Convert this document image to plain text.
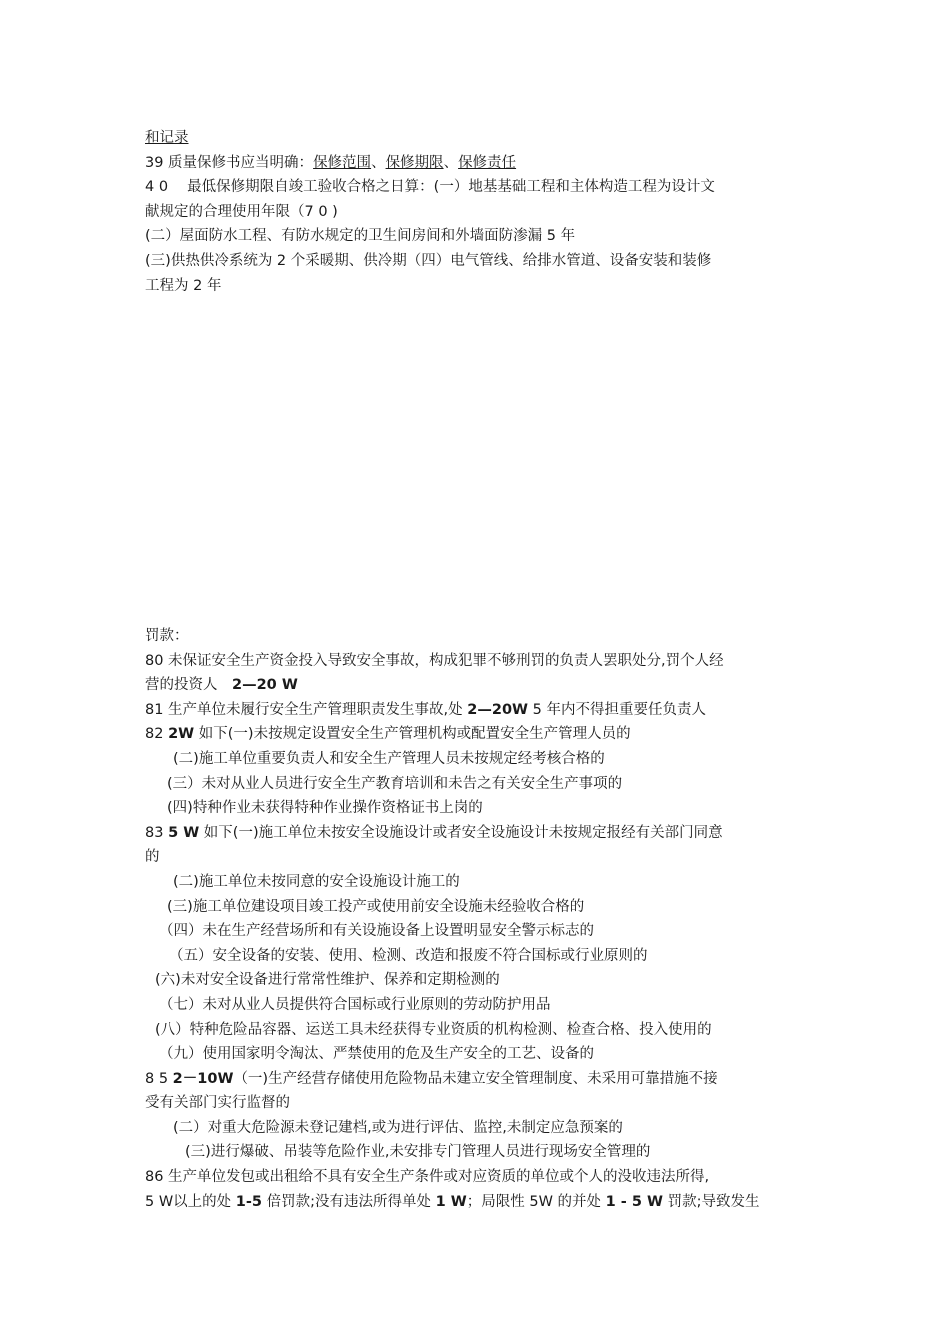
和记录
39 质量保修书应当明确：保修范围、保修期限、保修责任
4 0　 最低保修期限自竣工验收合格之日算：(一）地基基础工程和主体构造工程为设计文
献规定的合理使用年限（7 0 )
(二）屋面防水工程、有防水规定的卫生间房间和外墙面防渗漏 5 年
(三)供热供冷系统为 2 个采暖期、供冷期（四）电气管线、给排水管道、设备安装和装修
工程为 2 年
罚款：
80 未保证安全生产资金投入导致安全事故，构成犯罪不够刑罚的负责人罢职处分,罚个人经
营的投资人　2—20 W
81 生产单位未履行安全生产管理职责发生事故,处 2—20W 5 年内不得担重要任负责人
82 2W 如下(一)未按规定设置安全生产管理机构或配置安全生产管理人员的
(二)施工单位重要负责人和安全生产管理人员未按规定经考核合格的
(三）未对从业人员进行安全生产教育培训和未告之有关安全生产事项的
(四)特种作业未获得特种作业操作资格证书上岗的
83 5 W 如下(一)施工单位未按安全设施设计或者安全设施设计未按规定报经有关部门同意
的
(二)施工单位未按同意的安全设施设计施工的
(三)施工单位建设项目竣工投产或使用前安全设施未经验收合格的
（四）未在生产经营场所和有关设施设备上设置明显安全警示标志的
（五）安全设备的安装、使用、检测、改造和报废不符合国标或行业原则的
(六)未对安全设备进行常常性维护、保养和定期检测的
（七）未对从业人员提供符合国标或行业原则的劳动防护用品
(八）特种危险品容器、运送工具未经获得专业资质的机构检测、检查合格、投入使用的
（九）使用国家明令淘汰、严禁使用的危及生产安全的工艺、设备的
8 5 2－10W（一)生产经营存储使用危险物品未建立安全管理制度、未采用可靠措施不接
受有关部门实行监督的
(二）对重大危险源未登记建档,或为进行评估、监控,未制定应急预案的
(三)进行爆破、吊装等危险作业,未安排专门管理人员进行现场安全管理的
86 生产单位发包或出租给不具有安全生产条件或对应资质的单位或个人的没收违法所得,
5 W以上的处 1-5 倍罚款;没有违法所得单处 1 W；局限性 5W 的并处 1 - 5 W 罚款;导致发生
